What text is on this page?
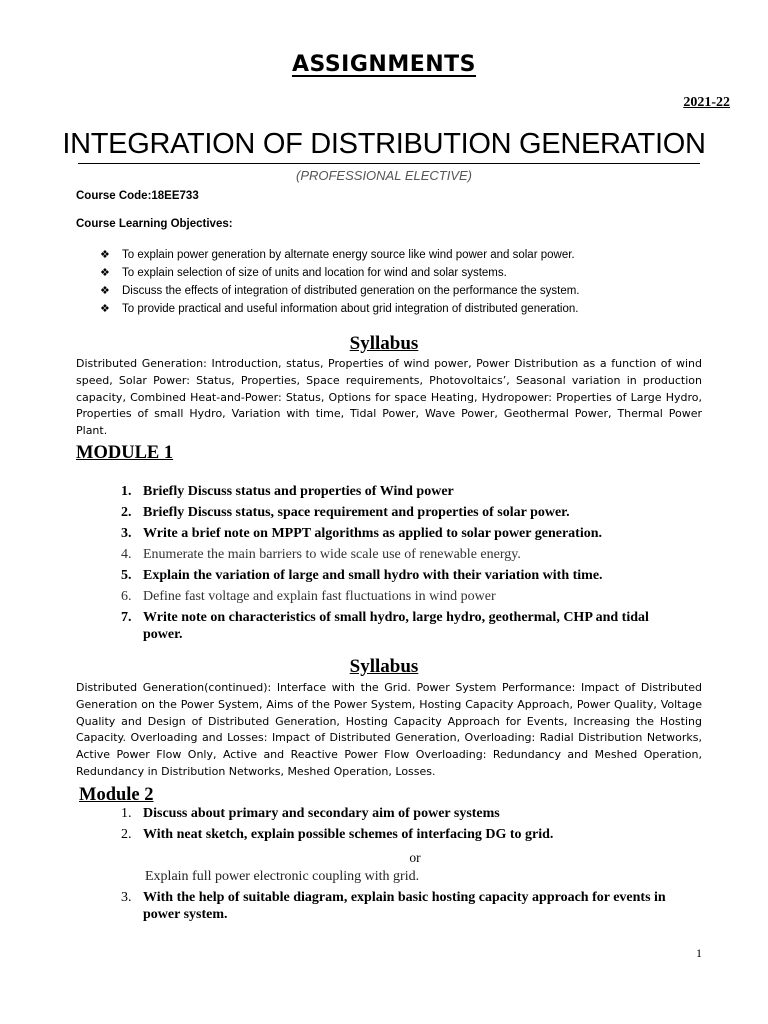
ASSIGNMENTS
2021-22
INTEGRATION OF DISTRIBUTION GENERATION
(PROFESSIONAL ELECTIVE)
Course Code:18EE733
Course Learning Objectives:
❖ To explain power generation by alternate energy source like wind power and solar power.
❖ To explain selection of size of units and location for wind and solar systems.
❖ Discuss the effects of integration of distributed generation on the performance the system.
❖ To provide practical and useful information about grid integration of distributed generation.
Syllabus

Distributed Generation: Introduction, status, Properties of wind power, Power Distribution as a function of wind speed, Solar Power: Status, Properties, Space requirements, Photovoltaics’, Seasonal variation in production capacity, Combined Heat-and-Power: Status, Options for space Heating, Hydropower: Properties of Large Hydro, Properties of small Hydro, Variation with time, Tidal Power, Wave Power, Geothermal Power, Thermal Power Plant.

MODULE 1
1. Briefly Discuss status and properties of Wind power
2. Briefly Discuss status, space requirement and properties of solar power.
3. Write a brief note on MPPT algorithms as applied to solar power generation.
4. Enumerate the main barriers to wide scale use of renewable energy.
5. Explain the variation of large and small hydro with their variation with time.
6. Define fast voltage and explain fast fluctuations in wind power
7. Write note on characteristics of small hydro, large hydro, geothermal, CHP and tidal power.
Syllabus

Distributed Generation(continued): Interface with the Grid. Power System Performance: Impact of Distributed Generation on the Power System, Aims of the Power System, Hosting Capacity Approach, Power Quality, Voltage Quality and Design of Distributed Generation, Hosting Capacity Approach for Events, Increasing the Hosting Capacity. Overloading and Losses: Impact of Distributed Generation, Overloading: Radial Distribution Networks, Active Power Flow Only, Active and Reactive Power Flow Overloading: Redundancy and Meshed Operation, Redundancy in Distribution Networks, Meshed Operation, Losses.

Module 2
1. Discuss about primary and secondary aim of power systems
2. With neat sketch, explain possible schemes of interfacing DG to grid.
or
Explain full power electronic coupling with grid.
3. With the help of suitable diagram, explain basic hosting capacity approach for events in power system.
1
